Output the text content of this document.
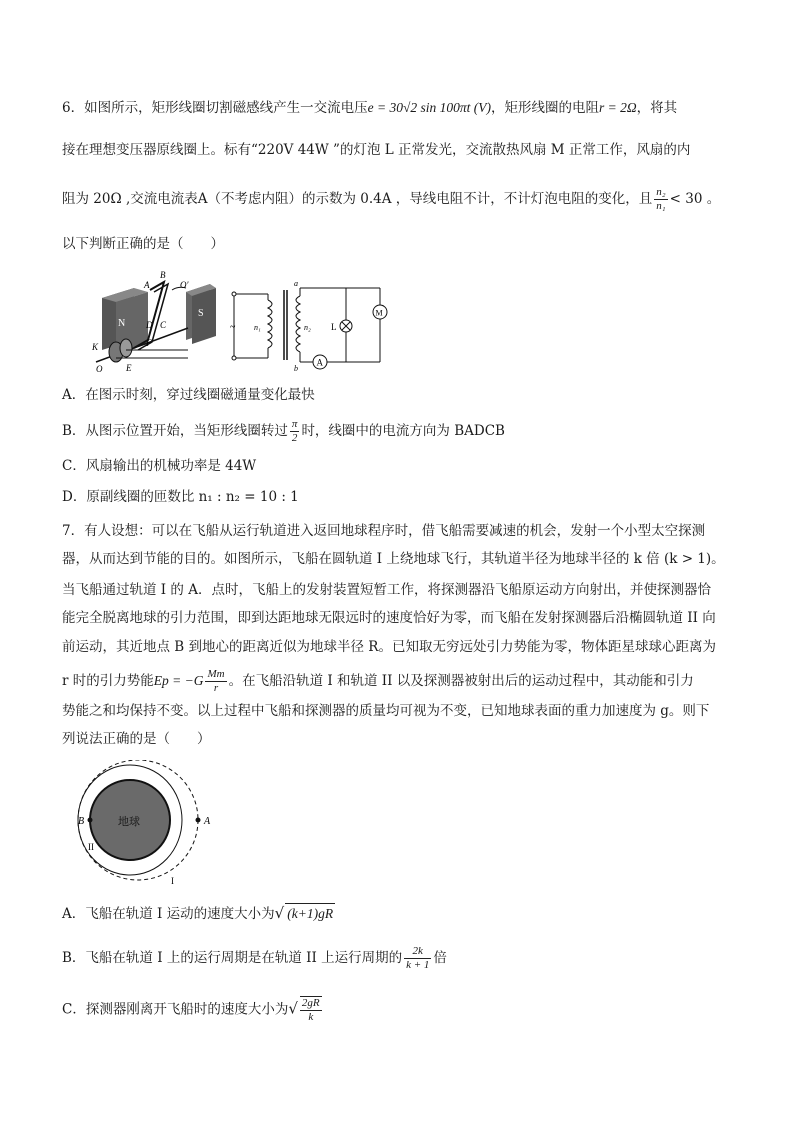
6．如图所示，矩形线圈切割磁感线产生一交流电压e = 30√2 sin 100πt (V)，矩形线圈的电阻r = 2Ω，将其
接在理想变压器原线圈上。标有“220V 44W ”的灯泡 L 正常发光，交流散热风扇 M 正常工作，风扇的内
阻为 20Ω ,交流电流表A（不考虑内阻）的示数为 0.4A ，导线电阻不计，不计灯泡电阻的变化，且 $\frac{\text{n₂}}{\text{n₁}} < 30$ 。
以下判断正确的是（　　）
N
S
K
O	E
F
D C
A
B
O′
~ n₁	n₂
a
b
A
L
M
A．在图示时刻，穿过线圈磁通量变化最快
B．从图示位置开始，当矩形线圈转过 $\frac{\pi}{2}$ 时，线圈中的电流方向为 BADCB
C．风扇输出的机械功率是 44W
D．原副线圈的匝数比 n₁ : n₂ = 10 : 1
7．有人设想：可以在飞船从运行轨道进入返回地球程序时，借飞船需要减速的机会，发射一个小型太空探测
器，从而达到节能的目的。如图所示，飞船在圆轨道 I 上绕地球飞行，其轨道半径为地球半径的 k 倍 (k > 1)。
当飞船通过轨道 I 的 A．点时，飞船上的发射装置短暂工作，将探测器沿飞船原运动方向射出，并使探测器恰
能完全脱离地球的引力范围，即到达距地球无限远时的速度恰好为零，而飞船在发射探测器后沿椭圆轨道 II 向
前运动，其近地点 B 到地心的距离近似为地球半径 R。已知取无穷远处引力势能为零，物体距星球球心距离为
r 时的引力势能$Ep = -G \frac{Mm}{r}$ 。在飞船沿轨道 I 和轨道 II 以及探测器被射出后的运动过程中，其动能和引力
势能之和均保持不变。以上过程中飞船和探测器的质量均可视为不变，已知地球表面的重力加速度为 g。则下
列说法正确的是（　　）
地球	A
B
II
I
A．飞船在轨道 I 运动的速度大小为√ (k+1)gR
B．飞船在轨道 I 上的运行周期是在轨道 II 上运行周期的 $\frac{2k}{k + 1}$ 倍
C．探测器刚离开飞船时的速度大小为√ $\frac{2gR}{k}$
